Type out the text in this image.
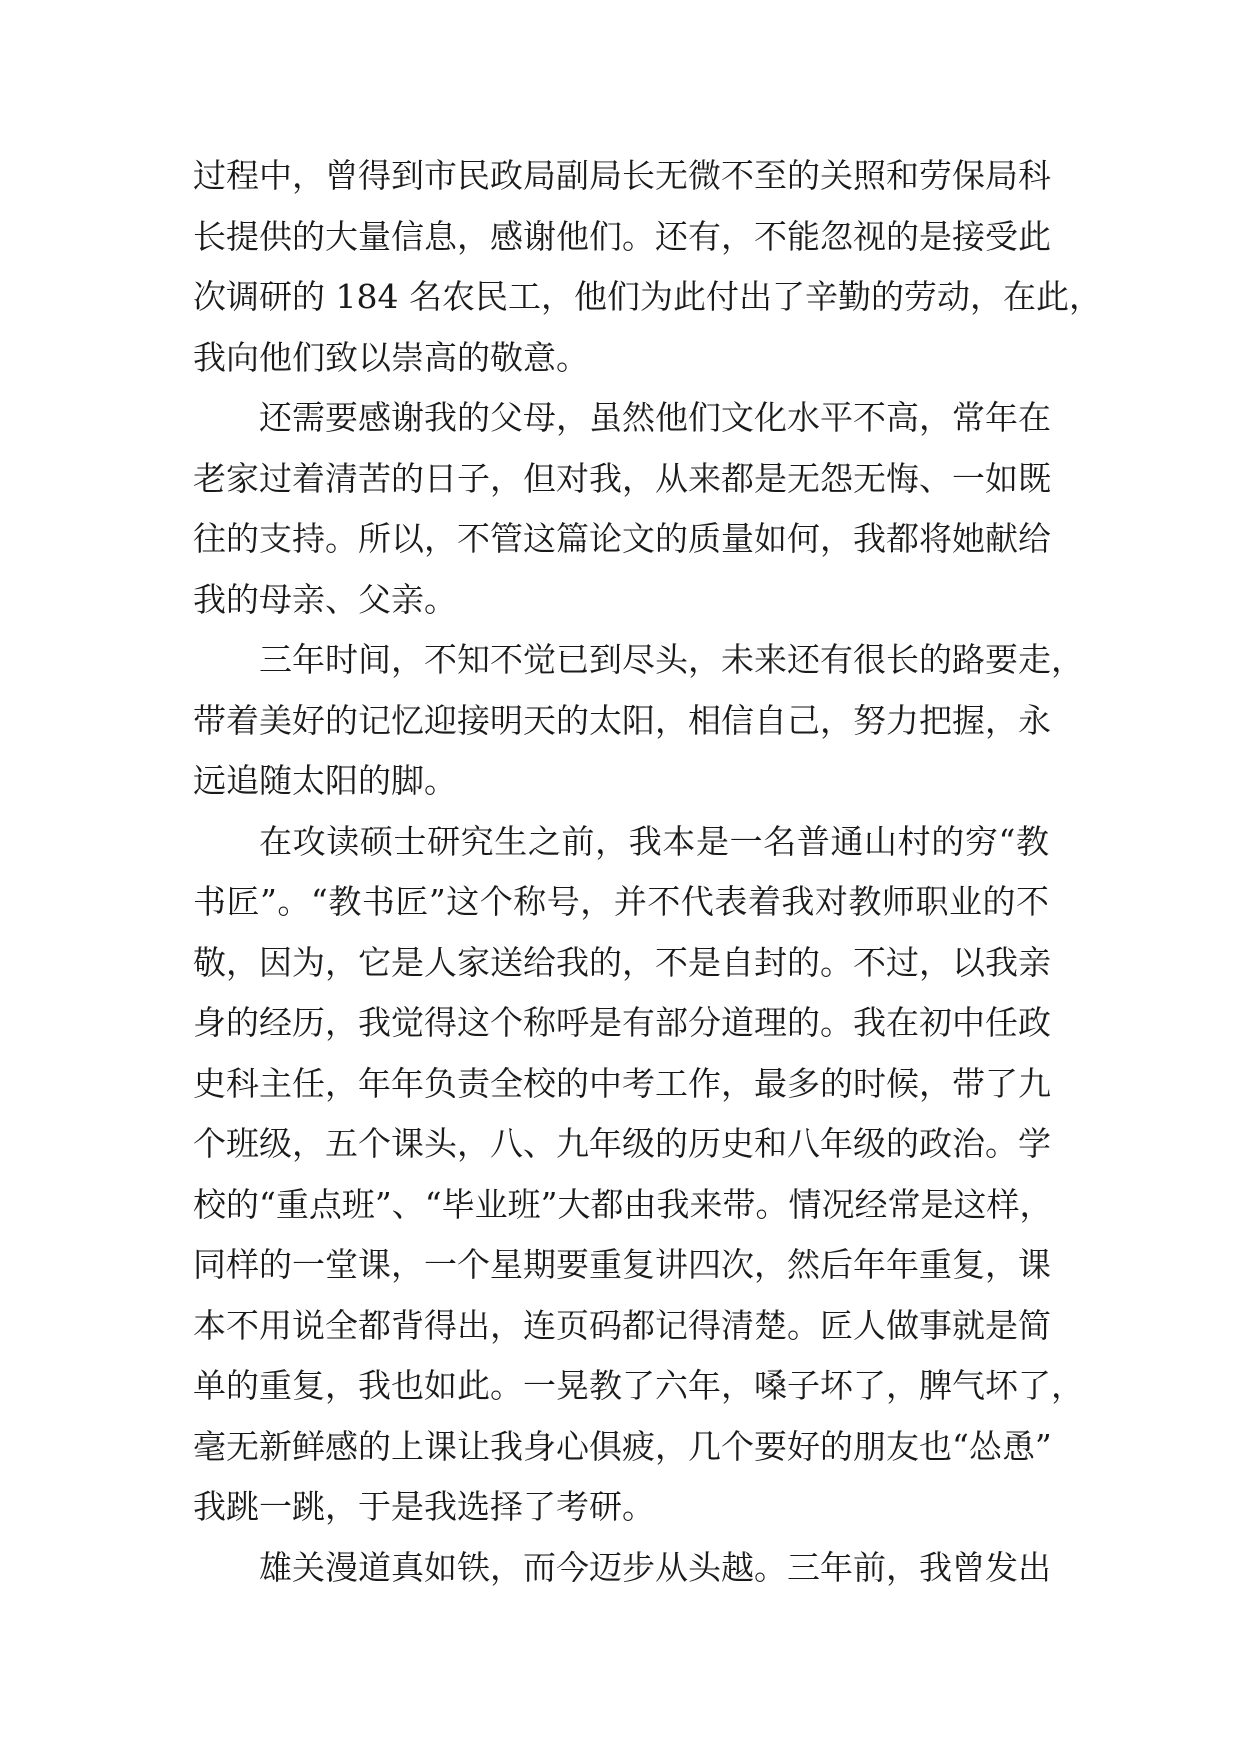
过程中，曾得到市民政局副局长无微不至的关照和劳保局科
长提供的大量信息，感谢他们。还有，不能忽视的是接受此
次调研的 184 名农民工，他们为此付出了辛勤的劳动，在此，
我向他们致以崇高的敬意。
还需要感谢我的父母，虽然他们文化水平不高，常年在
老家过着清苦的日子，但对我，从来都是无怨无悔、一如既
往的支持。所以，不管这篇论文的质量如何，我都将她献给
我的母亲、父亲。
三年时间，不知不觉已到尽头，未来还有很长的路要走，
带着美好的记忆迎接明天的太阳，相信自己，努力把握，永
远追随太阳的脚。
在攻读硕士研究生之前，我本是一名普通山村的穷“教
书匠”。“教书匠”这个称号，并不代表着我对教师职业的不
敬，因为，它是人家送给我的，不是自封的。不过，以我亲
身的经历，我觉得这个称呼是有部分道理的。我在初中任政
史科主任，年年负责全校的中考工作，最多的时候，带了九
个班级，五个课头，八、九年级的历史和八年级的政治。学
校的“重点班”、“毕业班”大都由我来带。情况经常是这样，
同样的一堂课，一个星期要重复讲四次，然后年年重复，课
本不用说全都背得出，连页码都记得清楚。匠人做事就是简
单的重复，我也如此。一晃教了六年，嗓子坏了，脾气坏了，
毫无新鲜感的上课让我身心俱疲，几个要好的朋友也“怂恿”
我跳一跳，于是我选择了考研。
雄关漫道真如铁，而今迈步从头越。三年前，我曾发出
